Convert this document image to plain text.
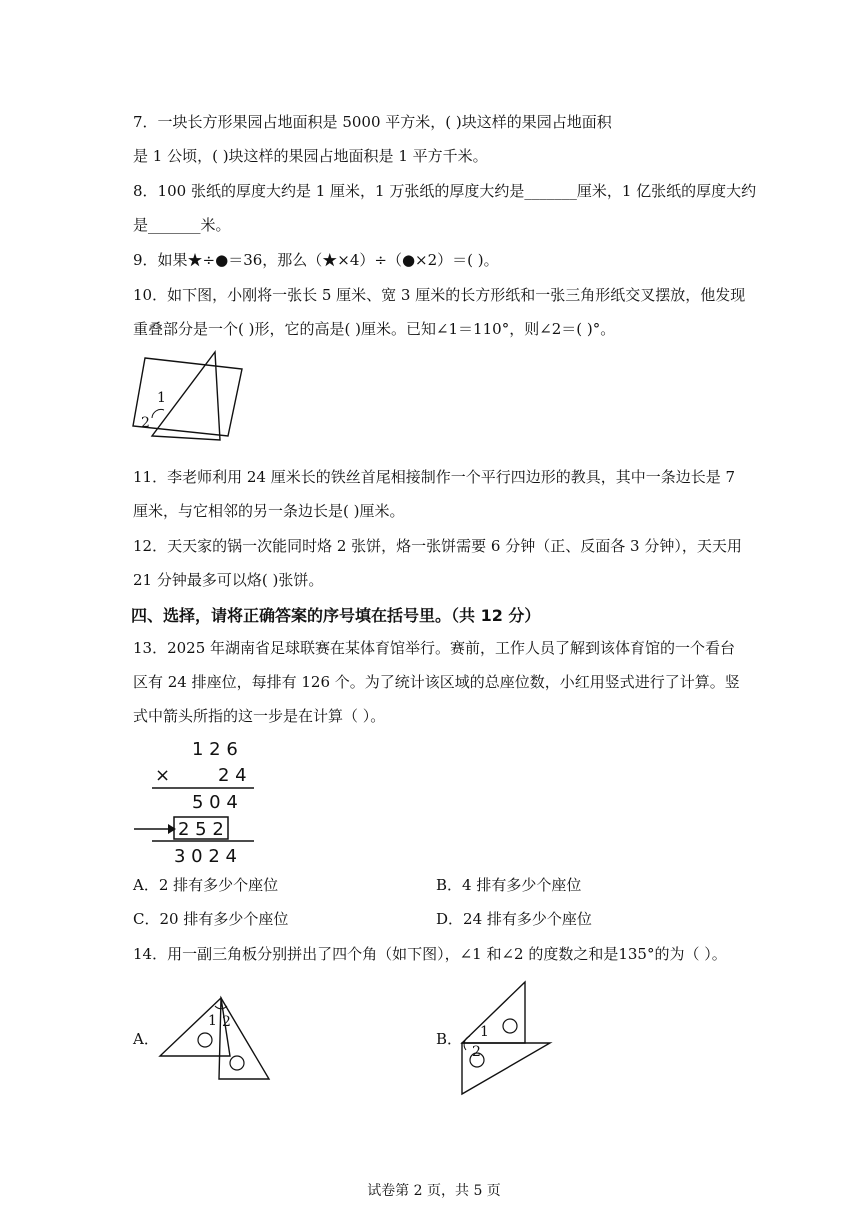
7．一块长方形果园占地面积是 5000 平方米，( )块这样的果园占地面积
是 1 公顷，( )块这样的果园占地面积是 1 平方千米。
8．100 张纸的厚度大约是 1 厘米，1 万张纸的厚度大约是_______厘米，1 亿张纸的厚度大约
是_______米。
9．如果★÷●＝36，那么（★×4）÷（●×2）＝( )。
10．如下图，小刚将一张长 5 厘米、宽 3 厘米的长方形纸和一张三角形纸交叉摆放，他发现
重叠部分是一个( )形，它的高是( )厘米。已知∠1＝110°，则∠2＝( )°。
1
2
11．李老师利用 24 厘米长的铁丝首尾相接制作一个平行四边形的教具，其中一条边长是 7
厘米，与它相邻的另一条边长是( )厘米。
12．天天家的锅一次能同时烙 2 张饼，烙一张饼需要 6 分钟（正、反面各 3 分钟），天天用
21 分钟最多可以烙( )张饼。
四、选择，请将正确答案的序号填在括号里。（共 12 分）
13．2025 年湖南省足球联赛在某体育馆举行。赛前，工作人员了解到该体育馆的一个看台
区有 24 排座位，每排有 126 个。为了统计该区域的总座位数，小红用竖式进行了计算。竖
式中箭头所指的这一步是在计算（ ）。
1 2 6
×	2 4
5 0 4
2 5 2
3 0 2 4
A．2 排有多少个座位	B．4 排有多少个座位
C．20 排有多少个座位	D．24 排有多少个座位
14．用一副三角板分别拼出了四个角（如下图），∠1 和∠2 的度数之和是135°的为（ ）。
A．	B．
1 2
1
2
试卷第 2 页，共 5 页
